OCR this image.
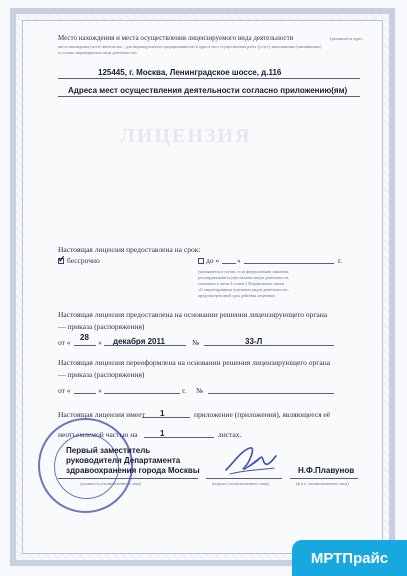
ЛИЦЕНЗИЯ
Место нахождения и места осуществления лицензируемого вида деятельности	(указывается адрес
места нахождения (место жительства – для индивидуального предпринимателя) и адреса мест осуществления работ (услуг), выполняемых (оказываемых)
в составе лицензируемого вида деятельности)
125445, г. Москва, Ленинградское шоссе, д.116
Адреса мест осуществления деятельности согласно приложению(ям)
Настоящая лицензия предоставлена на срок:
✓ бессрочно	до « »	г.
(указывается в случае, если федеральными законами,
регулирующими осуществление видов деятельности,
указанных в части 4 статьи 1 Федерального закона
«О лицензировании отдельных видов деятельности»,
предусмотрен иной срок действия лицензии)
Настоящая лицензия предоставлена на основании решения лицензирующего органа
— приказа (распоряжения)
от «
28
» декабря 2011	№	33-Л
Настоящая лицензия переоформлена на основании решения лицензирующего органа
— приказа (распоряжения)
от «	»	г. №
Настоящая лицензия имеет 1	приложение (приложения), являющееся её
неотъемлемой частью на	1	листах.
Первый заместитель
руководителя Департамента
здравоохранения города Москвы
(должность уполномоченного лица)	(подпись уполномоченного лица)
Н.Ф.Плавунов
(ф.и.о. уполномоченного лица)
МРТПрайс
